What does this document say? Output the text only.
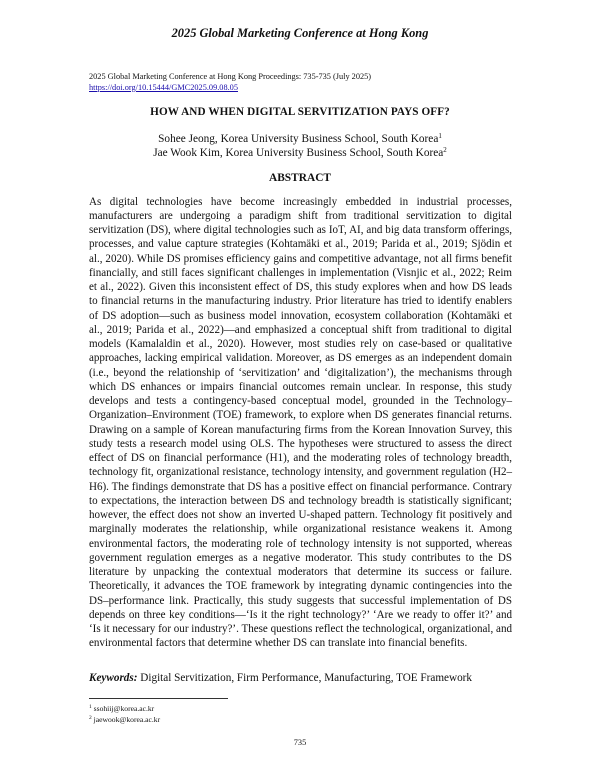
2025 Global Marketing Conference at Hong Kong
2025 Global Marketing Conference at Hong Kong Proceedings: 735-735 (July 2025)
https://doi.org/10.15444/GMC2025.09.08.05
HOW AND WHEN DIGITAL SERVITIZATION PAYS OFF?
Sohee Jeong, Korea University Business School, South Korea$^1$
Jae Wook Kim, Korea University Business School, South Korea$^2$
ABSTRACT
As digital technologies have become increasingly embedded in industrial processes, manufacturers are undergoing a paradigm shift from traditional servitization to digital servitization (DS), where digital technologies such as IoT, AI, and big data transform offerings, processes, and value capture strategies (Kohtamäki et al., 2019; Parida et al., 2019; Sjödin et al., 2020). While DS promises efficiency gains and competitive advantage, not all firms benefit financially, and still faces significant challenges in implementation (Visnjic et al., 2022; Reim et al., 2022). Given this inconsistent effect of DS, this study explores when and how DS leads to financial returns in the manufacturing industry. Prior literature has tried to identify enablers of DS adoption—such as business model innovation, ecosystem collaboration (Kohtamäki et al., 2019; Parida et al., 2022)—and emphasized a conceptual shift from traditional to digital models (Kamalaldin et al., 2020). However, most studies rely on case-based or qualitative approaches, lacking empirical validation. Moreover, as DS emerges as an independent domain (i.e., beyond the relationship of ‘servitization’ and ‘digitalization’), the mechanisms through which DS enhances or impairs financial outcomes remain unclear. In response, this study develops and tests a contingency-based conceptual model, grounded in the Technology–Organization–Environment (TOE) framework, to explore when DS generates financial returns. Drawing on a sample of Korean manufacturing firms from the Korean Innovation Survey, this study tests a research model using OLS. The hypotheses were structured to assess the direct effect of DS on financial performance (H1), and the moderating roles of technology breadth, technology fit, organizational resistance, technology intensity, and government regulation (H2–H6). The findings demonstrate that DS has a positive effect on financial performance. Contrary to expectations, the interaction between DS and technology breadth is statistically significant; however, the effect does not show an inverted U-shaped pattern. Technology fit positively and marginally moderates the relationship, while organizational resistance weakens it. Among environmental factors, the moderating role of technology intensity is not supported, whereas government regulation emerges as a negative moderator. This study contributes to the DS literature by unpacking the contextual moderators that determine its success or failure. Theoretically, it advances the TOE framework by integrating dynamic contingencies into the DS–performance link. Practically, this study suggests that successful implementation of DS depends on three key conditions—‘Is it the right technology?’ ‘Are we ready to offer it?’ and ‘Is it necessary for our industry?’. These questions reflect the technological, organizational, and environmental factors that determine whether DS can translate into financial benefits.
Keywords: Digital Servitization, Firm Performance, Manufacturing, TOE Framework
$^1$ ssohiij@korea.ac.kr
$^2$ jaewook@korea.ac.kr
735
